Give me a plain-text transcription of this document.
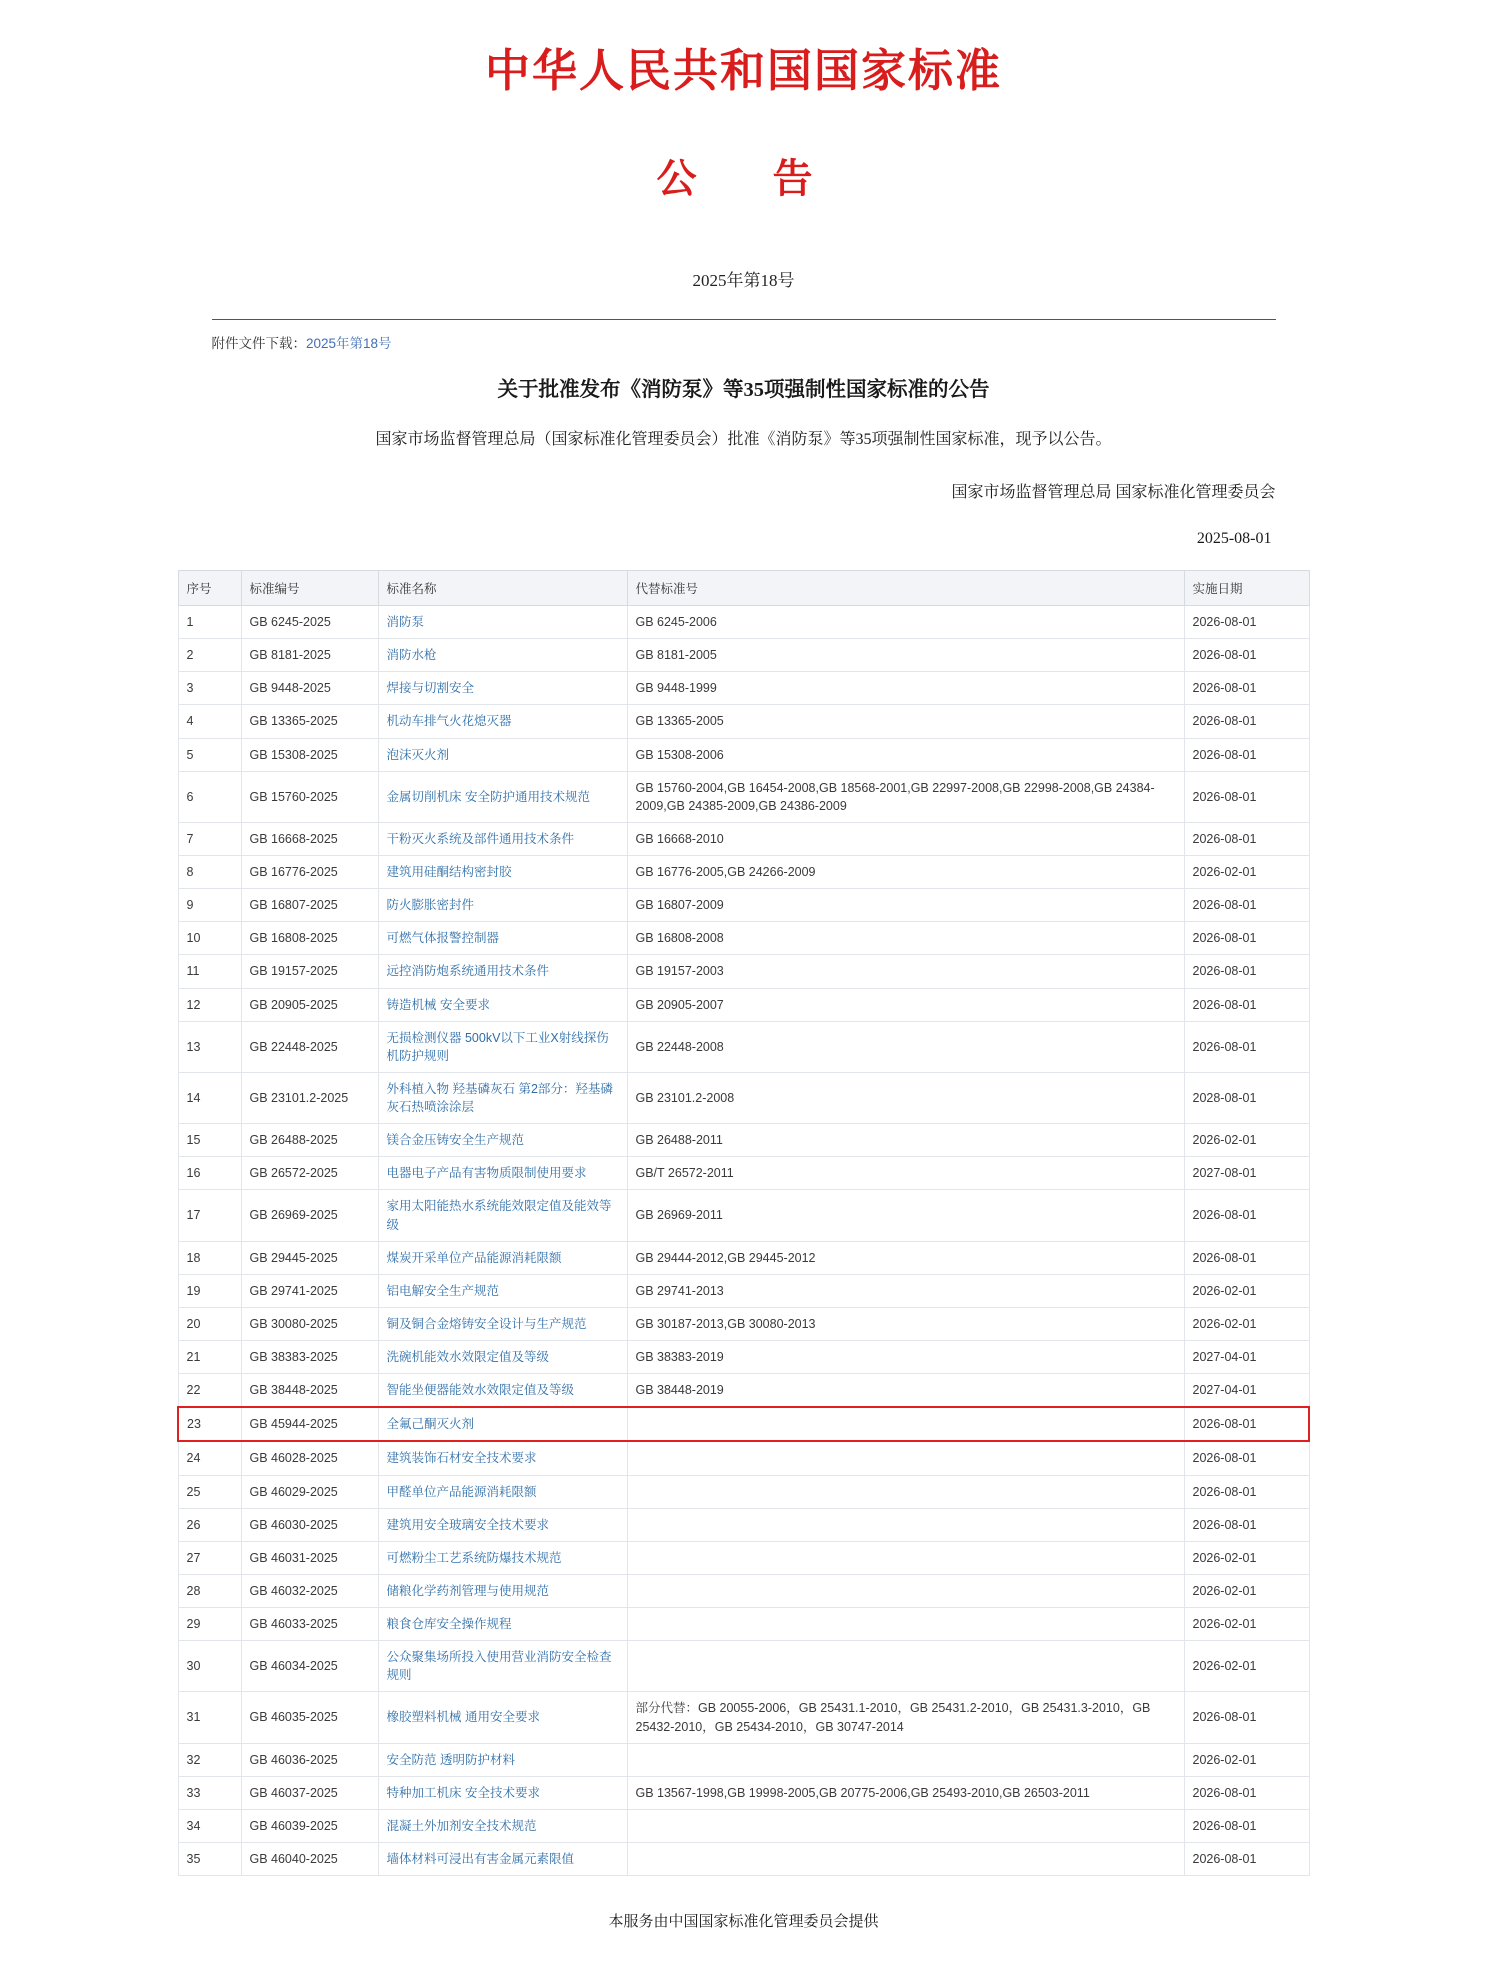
中华人民共和国国家标准
公　告
2025年第18号
附件文件下载：2025年第18号
关于批准发布《消防泵》等35项强制性国家标准的公告
国家市场监督管理总局（国家标准化管理委员会）批准《消防泵》等35项强制性国家标准，现予以公告。
国家市场监督管理总局 国家标准化管理委员会
2025-08-01
序号	标准编号	标准名称	代替标准号	实施日期
1	GB 6245-2025	消防泵	GB 6245-2006	2026-08-01
2	GB 8181-2025	消防水枪	GB 8181-2005	2026-08-01
3	GB 9448-2025	焊接与切割安全	GB 9448-1999	2026-08-01
4	GB 13365-2025	机动车排气火花熄灭器	GB 13365-2005	2026-08-01
5	GB 15308-2025	泡沫灭火剂	GB 15308-2006	2026-08-01
6	GB 15760-2025	金属切削机床 安全防护通用技术规范	GB 15760-2004,GB 16454-2008,GB 18568-2001,GB 22997-2008,GB 22998-2008,GB 24384-2009,GB 24385-2009,GB 24386-2009	2026-08-01
7	GB 16668-2025	干粉灭火系统及部件通用技术条件	GB 16668-2010	2026-08-01
8	GB 16776-2025	建筑用硅酮结构密封胶	GB 16776-2005,GB 24266-2009	2026-02-01
9	GB 16807-2025	防火膨胀密封件	GB 16807-2009	2026-08-01
10	GB 16808-2025	可燃气体报警控制器	GB 16808-2008	2026-08-01
11	GB 19157-2025	远控消防炮系统通用技术条件	GB 19157-2003	2026-08-01
12	GB 20905-2025	铸造机械 安全要求	GB 20905-2007	2026-08-01
13	GB 22448-2025	无损检测仪器 500kV以下工业X射线探伤机防护规则	GB 22448-2008	2026-08-01
14	GB 23101.2-2025	外科植入物 羟基磷灰石 第2部分：羟基磷灰石热喷涂涂层	GB 23101.2-2008	2028-08-01
15	GB 26488-2025	镁合金压铸安全生产规范	GB 26488-2011	2026-02-01
16	GB 26572-2025	电器电子产品有害物质限制使用要求	GB/T 26572-2011	2027-08-01
17	GB 26969-2025	家用太阳能热水系统能效限定值及能效等级	GB 26969-2011	2026-08-01
18	GB 29445-2025	煤炭开采单位产品能源消耗限额	GB 29444-2012,GB 29445-2012	2026-08-01
19	GB 29741-2025	铝电解安全生产规范	GB 29741-2013	2026-02-01
20	GB 30080-2025	铜及铜合金熔铸安全设计与生产规范	GB 30187-2013,GB 30080-2013	2026-02-01
21	GB 38383-2025	洗碗机能效水效限定值及等级	GB 38383-2019	2027-04-01
22	GB 38448-2025	智能坐便器能效水效限定值及等级	GB 38448-2019	2027-04-01
23	GB 45944-2025	全氟己酮灭火剂		2026-08-01
24	GB 46028-2025	建筑装饰石材安全技术要求		2026-08-01
25	GB 46029-2025	甲醛单位产品能源消耗限额		2026-08-01
26	GB 46030-2025	建筑用安全玻璃安全技术要求		2026-08-01
27	GB 46031-2025	可燃粉尘工艺系统防爆技术规范		2026-02-01
28	GB 46032-2025	储粮化学药剂管理与使用规范		2026-02-01
29	GB 46033-2025	粮食仓库安全操作规程		2026-02-01
30	GB 46034-2025	公众聚集场所投入使用营业消防安全检查规则		2026-02-01
31	GB 46035-2025	橡胶塑料机械 通用安全要求	部分代替：GB 20055-2006，GB 25431.1-2010，GB 25431.2-2010，GB 25431.3-2010，GB 25432-2010，GB 25434-2010，GB 30747-2014	2026-08-01
32	GB 46036-2025	安全防范 透明防护材料		2026-02-01
33	GB 46037-2025	特种加工机床 安全技术要求	GB 13567-1998,GB 19998-2005,GB 20775-2006,GB 25493-2010,GB 26503-2011	2026-08-01
34	GB 46039-2025	混凝土外加剂安全技术规范		2026-08-01
35	GB 46040-2025	墙体材料可浸出有害金属元素限值		2026-08-01
本服务由中国国家标准化管理委员会提供
